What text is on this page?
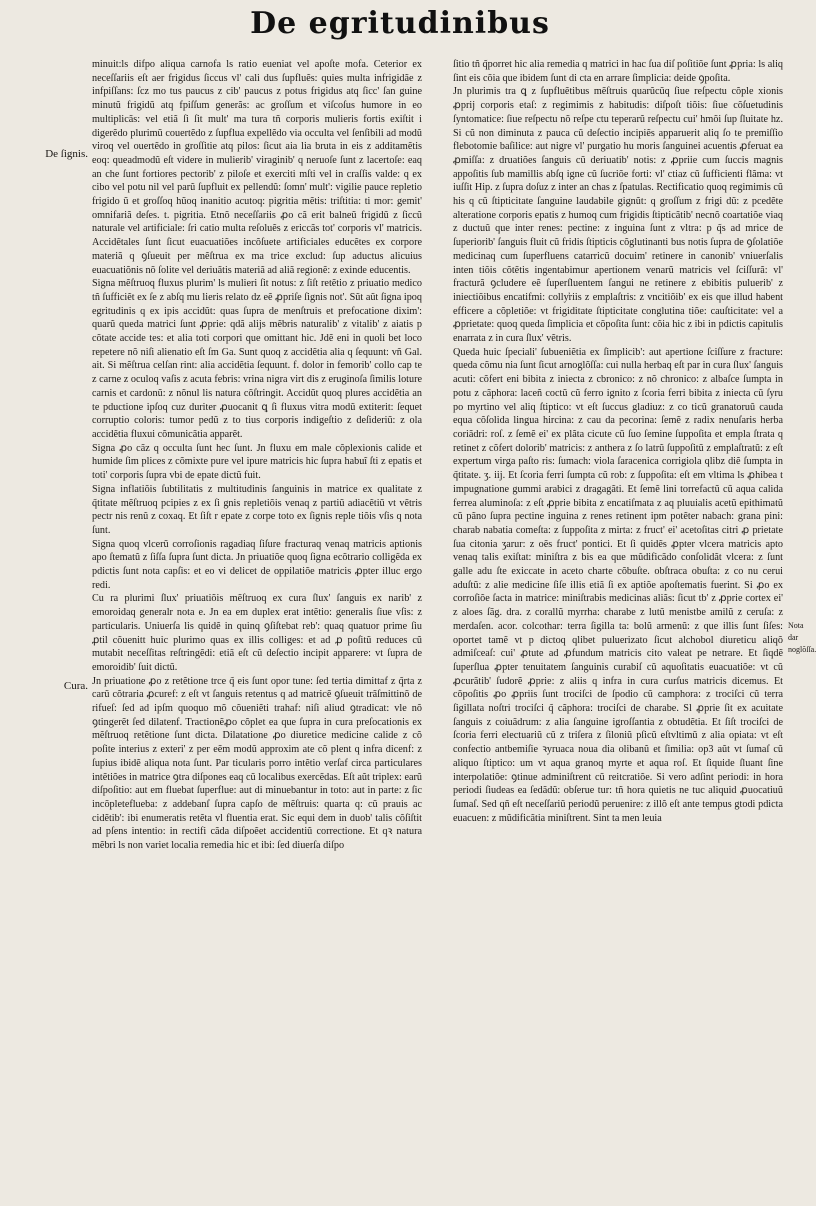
De egritudinibus
De ſignis.
Cura.
Nota dar noglõſſa.

minuit:ls difpo aliqua carnofa ls ratio eueniat vel apoſte mofa. Ceterior ex neceſſariis eſt aer frigidus ſiccus vl' cali dus ſupfluẽs: quies multa infrigidãe z infpiſſans: ſcz mo tus paucus z cib' paucus z potus frigidus atq ſicc' ſan guine minutũ frigidũ atq fpiſſum generãs: ac groſſum et viſcoſus humore in eo multiplicãs: vel etiã ſi ſit mult' ma tura tñ corporis mulieris fortis exiſtit i digerẽdo plurimũ couertẽdo z ſupflua expellẽdo via occulta vel ſenſibili ad modũ viroq vel ouertẽdo in groſſitie atq pilos: ſicut aia lia bruta in eis z additamẽtis eoq: queadmodũ eſt videre in mulierib' viraginib' q neruoſe ſunt z lacertoſe: eaq an che ſunt fortiores pectorib' z piloſe et exerciti mſti vel in craſſis valde: q ex cibo vel potu nil vel parũ ſupfluit ex pellendũ: ſomn' mult': vigilie pauce repletio frigido ũ et groſſoq hũoq inanitio acutoq: pigritia mẽtis: triſtitia: ti mor: gemit' omnifariã deſes. t. pigritia. Etnõ neceſſariis ꝓo cã erit balneũ frigidũ z ſiccũ naturale vel artificiale: ſri catio multa reſoluẽs z ericcãs tot' corporis vl' matricis. Accidẽtales ſunt ſicut euacuatiões incõſuete artificiales educẽtes ex corpore materiã q ꝯſueuit per mẽſtrua ex ma trice exclud: ſup aductus alicuius euacuatiõnis nõ ſolite vel deriuãtis materiã ad aliã regionẽ: z exinde educentis.

Signa mẽſtruoq fluxus plurim' ls mulieri ſit notus: z ſiſt retẽtio z priuatio medico tñ ſufficiẽt ex ſe z abſq mu lieris relato dz eẽ ꝓpriſe ſignis not'. Sũt aũt ſigna ipoq egritudinis q ex ipis accidũt: quas ſupra de menſtruis et prefocatione dixim': quarũ queda matrici ſunt ꝓprie: qdã alijs mẽbris naturalib' z vitalib' z aiatis p cõtate accide tes: et alia toti corpori que omittant hic. Jdẽ eni in quoli bet loco repetere nõ niſi alienatio eſt ſm Ga. Sunt quoq z accidẽtia alia q ſequunt: vñ Gal. ait. Si mẽſtrua celſan rint: alia accidẽtia ſequunt. f. dolor in femorib' collo cap te z carne z oculoq vaſis z acuta febris: vrina nigra virt dis z eruginoſa ſimilis loture carnis et cardonũ: z nõnul lis natura cõſtringit. Accidũt quoq plures accidẽtia an te pductione ipſoq cuz duriter ꝓuocanit ꝗ ſi fluxus vitra modũ extiterit: ſequet corruptio coloris: tumor pedũ z to tius corporis indigeſtio z deſideriũ: z ola accidẽtia fluxui cõmunicãtia apparẽt.

Signa ꝓo cãz q occulta ſunt hec ſunt. Jn fluxu em male cõplexionis calide et humide ſim plices z cõmixte pure vel ipure matricis hic ſupra habuĩ ſti z epatis et toti' corporis ſupra vbi de epate dictũ fuit.

Signa inflatiõis ſubtilitatis z multitudinis ſanguinis in matrice ex qualitate z q̃titate mẽſtruoq pcipies z ex ſi gnis repletiõis venaq z partiũ adiacẽtiũ vt vẽtris pectr nis renũ z coxaq. Et ſiſt r epate z corpe toto ex ſignis reple tiõis vſis q nota ſunt.

Signa quoq vlcerũ corroſionis ragadiaq ſiſure fracturaq venaq matricis aptionis apo ſtematũ z ſiſſa ſupra ſunt dicta. Jn priuatiõe quoq ſigna ecõtrario colligẽda ex pdictis ſunt nota capſis: et eo vi delicet de oppilatiõe matricis ꝓpter illuc ergo redi.

Cu ra plurimi ſlux' priuatiõis mẽſtruoq ex cura ſlux' ſanguis ex narib' z emoroidaq generalr nota e. Jn ea em duplex erat intẽtio: generalis ſiue vſis: z particularis. Uniuerſa lis quidẽ in quinq ꝯſiſtebat reb': quaq quatuor prime ſiu ꝓtil cõuenitt huic plurimo quas ex illis colliges: et ad ꝓ poſitũ reduces cũ mutabit neceſſitas reſtringẽdi: etiã eſt cũ deſectio incipit apparere: vt ſupra de emoroidib' ſuit dictũ.

Jn priuatione ꝓo z retẽtione trce q̃ eis ſunt opor tune: ſed tertia dimittaf z q̃rta z carũ cõtraria ꝓcuref: z eſt vt ſanguis retentus q ad matricẽ ꝯſueuit trãſmittinõ de rifueſ: ſed ad ipſm quoquo mõ cõueniẽti trahaf: niſi aliud ꝯtradicat: vle nõ ꝯtingerẽt ſed dilatenf. Tractionẽꝓo cõplet ea que ſupra in cura preſocationis ex mẽſtruoq retẽtione ſunt dicta. Dilatatione ꝓo diuretice medicine calide z cõ poſite interius z exteri' z per eẽm modũ approxim ate cõ plent q infra dicenf: z ſupius ibidẽ aliqua nota ſunt. Par ticularis porro intẽtio verſaf circa particulares intẽtiões in matrice ꝯtra diſpones eaq cũ localibus exercẽdas. Eſt aũt triplex: earũ diſpoſitio: aut em fluebat ſuperflue: aut di minuebantur in toto: aut in parte: z ſic incõpleteflueba: z addebanſ ſupra capſo de mẽſtruis: quarta q: cũ prauis ac cidẽtib': ibi enumeratis retẽta vl fluentia erat. Sic equi dem in duob' talis cõſiſtit ad pſens intentio: in rectifi cãda diſpoẽet accidentiũ correctione. Et qꝛ natura mẽbri ls non variet localia remedia hic et ibi: ſed diuerſa diſpo

ſitio tñ q̃porret hic alia remedia q matrici in hac ſua diſ poſitiõe ſunt ꝓpria: ls aliq ſint eis cõia que ibidem ſunt di cta en arrare ſimplicia: deide ꝯpoſita.

Jn plurimis tra ꝗ z ſupfluẽtibus mẽſtruis quarũcũq ſiue reſpectu cõple xionis ꝓprij corporis etaſ: z regimimis z habitudis: diſpoſt tiõis: ſiue cõſuetudinis ſyntomatice: ſiue reſpectu nõ reſpe ctu teperarũ reſpectu cui' hmõi ſup ſluitate hz. Si cũ non diminuta z pauca cũ deſectio incipiẽs apparuerit aliq ſo te premiſſio flebotomie baſilice: aut nigre vl' purgatio hu moris ſanguinei acuentis ꝓferuat ea ꝓmiſſa: z druatiões ſanguis cũ deriuatib' notis: z ꝓpriie cum ſuccis magnis appoſitis ſub mamillis abſq igne cũ ſucriõe forti: vl' ctiaz cũ ſufficienti flãma: vt iuſſit Hip. z ſupra doſuz z inter an chas z ſpatulas. Rectificatio quoq regimimis cũ his q cũ ſtipticitate ſanguine laudabile gignũt: q groſſum z frigi dũ: z pcedẽte alteratione corporis epatis z humoq cum frigidis ſtipticãtib' necnõ coartatiõe viaq z ductuũ que inter renes: pectine: z inguina ſunt z vltra: p q̃s ad mrice de ſuperiorib' ſanguis fluit cũ fridis ſtipticis cõglutinanti bus notis ſupra de ꝯſolatiõe medicinaq cum ſuperfluens catarricũ docuim' retinere in canonib' vniuerſalis inten tiõis cõtẽtis ingentabimur apertionem venarũ matricis vel ſciſſurã: vl' fracturã ꝯcludere eẽ ſuperſluentem ſangui ne retinere z ebibitis puluerib' z iniectiõibus encatifmi: colly̕riis z emplaſtris: z vncitiõib' ex eis que illud habent efficere a cõpletiõe: vt frigiditate ſtipticitate conglutina tiõe: cauſticitate: vel a ꝓprietate: quoq queda ſimplicia et cõpoſita ſunt: cõia hic z ibi in pdictis capitulis enarrata z in cura ſlux' vẽtris.

Queda huic ſpeciali' ſubueniẽtia ex ſimplicib': aut apertione ſciſſure z fracture: queda cõmu nia ſunt ſicut arnoglõſſa: cui nulla herbaq eſt par in cura ſlux' ſanguis acuti: cõfert eni bibita z iniecta z cbronico: z nõ chronico: z albaſce ſumpta in potu z cãphora: laceñ coctũ cũ ferro ignito z ſcoria ferri bibita z iniecta cũ ſyru po myrtino vel aliq ſtiptico: vt eſt ſuccus gladiuz: z co ticũ granatoruũ cauda equa cõſolida lingua hircina: z cau da pecorina: ſemẽ z radix nenuſaris herba coriãdri: roſ. z ſemẽ ei' ex plãta cicute cũ ſuo ſemine ſuppoſita et empla ſtrata q retinet z cõfert dolorib' matricis: z anthera z ſo latrũ ſuppoſitũ z emplaſtratũ: z eſt expertum virga paſto ris: ſumach: viola ſaracenica corrigiola qlibz diẽ ſumpta in q̃titate. ʒ. iij. Et ſcoria ferri ſumpta cũ rob: z ſuppoſita: eſt em vltima ls ꝓhibea t impugnatione gummi arabici z dragagãti. Et ſemẽ lini torrefactũ cũ aqua calida ferrea aluminoſa: z eſt ꝓprie bibita z encatiſmata z aq pluuialis acetũ epithimatũ cũ pãno ſupra pectine inguina z renes retinent ipm potẽter nabach: grana pini: charab nabatia comeſta: z ſuppoſita z mirta: z fruct' ei' acetoſitas citri ꝓ prietate ſua citonia ʒarur: z oẽs fruct' pontici. Et ſi quidẽs ꝓpter vlcera matricis apto venaq talis exiſtat: miniſtra z bis ea que mũdificãdo conſolidãt vlcera: z ſunt galle adu ſte exiccate in aceto charte cõbuſte. obſtraca obuſta: z co nu cerui aduſtũ: z alie medicine ſiſe illis etiã ſi ex aptiõe apoſtematis fuerint. Si ꝓo ex corroſiõe ſacta in matrice: miniſtrabis medicinas aliãs: ſicut tb' z ꝓprie cortex ei' z aloes ſãg. dra. z corallũ myrrha: charabe z lutũ menistbe amilũ z ceruſa: z merdaſen. acor. colcothar: terra ſigilla ta: bolũ armenũ: z que illis ſunt ſiſes: oportet tamẽ vt p dictoq qlibet puluerizato ſicut alchobol diureticu aliqõ admiſceaſ: cui' ꝓtute ad ꝓfundum matricis cito valeat pe netrare. Et ſiqdẽ ſuperſlua ꝓpter tenuitatem ſanguinis curabiſ cũ aquoſitatis euacuatiõe: vt cũ ꝓcurãtib' ſudorẽ ꝓprie: z aliis q infra in cura curſus matricis dicemus. Et cõpoſitis ꝓo ꝓpriis ſunt trociſci de ſpodio cũ camphora: z trociſci cũ terra ſigillata noſtri trociſci q̃ cãphora: trociſci de charabe. Sl ꝓprie ſit ex acuitate ſanguis z coiuãdrum: z alia ſanguine igroſſantia z obtudẽtia. Et ſiſt trociſci de ſcoria ferri electuariũ cũ z triſera z ſiloniũ pſicũ eſtvltimũ z alia opiata: vt eſt confectio antbemiſie ꝛyruaca noua dia olibanũ et ſimilia: op3 aũt vt ſumaſ cũ aliquo ſtiptico: um vt aqua granoq myrte et aqua roſ. Et ſiquide ſluant ſine interpolatiõe: ꝯtinue adminiſtrent cũ reitcratiõe. Si vero adſint periodi: in hora periodi ſiudeas ea ſedãdũ: obſerue tur: tñ hora quietis ne tuc aliquid ꝓuocatiuũ ſumaſ. Sed qñ eſt neceſſariũ periodũ peruenire: z illõ eſt ante tempus gtodi pdicta euacuen: z mũdificãtia miniſtrent. Sint ta men leuia
